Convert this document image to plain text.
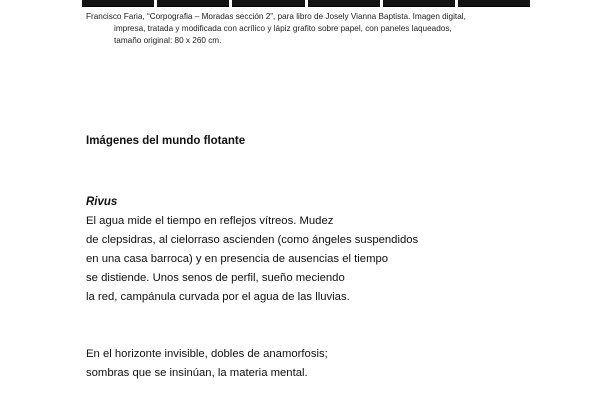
Francisco Faria, “Corpografia – Moradas sección 2”, para libro de Josely Vianna Baptista. Imagen digital,

impresa, tratada y modificada con acrílico y lápiz grafito sobre papel, con paneles laqueados,

tamaño original: 80 x 260 cm.

Imágenes del mundo flotante
Rivus

El agua mide el tiempo en reflejos vítreos. Mudez
de clepsidras, al cielorraso ascienden (como ángeles suspendidos
en una casa barroca) y en presencia de ausencias el tiempo
se distiende. Unos senos de perfil, sueño meciendo
la red, campánula curvada por el agua de las lluvias.

En el horizonte invisible, dobles de anamorfosis;
sombras que se insinúan, la materia mental.
